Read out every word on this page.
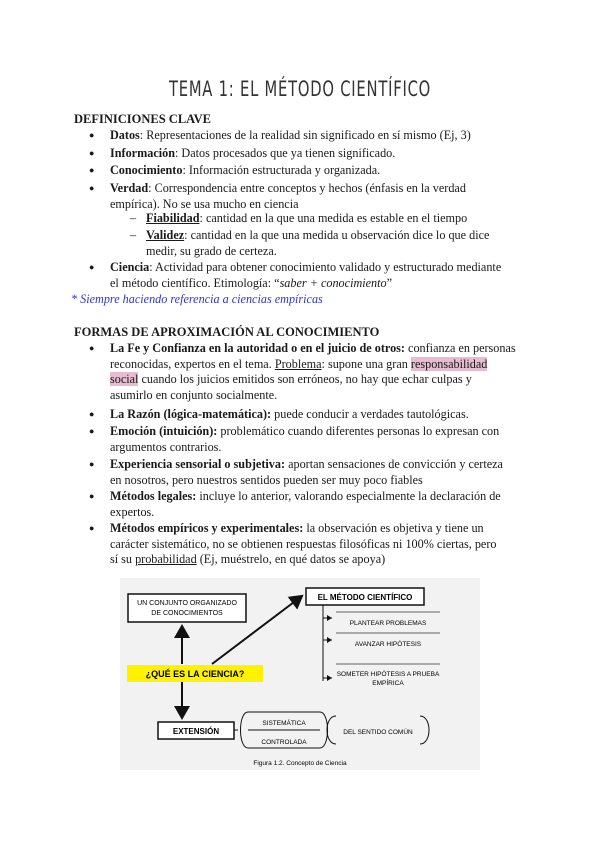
TEMA 1: EL MÉTODO CIENTÍFICO
DEFINICIONES CLAVE
● Datos: Representaciones de la realidad sin significado en sí mismo (Ej, 3)
● Información: Datos procesados que ya tienen significado.
● Conocimiento: Información estructurada y organizada.
● Verdad: Correspondencia entre conceptos y hechos (énfasis en la verdad
empírica). No se usa mucho en ciencia
– Fiabilidad: cantidad en la que una medida es estable en el tiempo
– Validez: cantidad en la que una medida u observación dice lo que dice
medir, su grado de certeza.
● Ciencia: Actividad para obtener conocimiento validado y estructurado mediante
el método científico. Etimología: “saber + conocimiento”
* Siempre haciendo referencia a ciencias empíricas
FORMAS DE APROXIMACIÓN AL CONOCIMIENTO
● La Fe y Confianza en la autoridad o en el juicio de otros: confianza en personas
reconocidas, expertos en el tema. Problema: supone una gran responsabilidad
social cuando los juicios emitidos son erróneos, no hay que echar culpas y
asumirlo en conjunto socialmente.
● La Razón (lógica-matemática): puede conducir a verdades tautológicas.
● Emoción (intuición): problemático cuando diferentes personas lo expresan con
argumentos contrarios.
● Experiencia sensorial o subjetiva: aportan sensaciones de convicción y certeza
en nosotros, pero nuestros sentidos pueden ser muy poco fiables
● Métodos legales: incluye lo anterior, valorando especialmente la declaración de
expertos.
● Métodos empíricos y experimentales: la observación es objetiva y tiene un
carácter sistemático, no se obtienen respuestas filosóficas ni 100% ciertas, pero
sí su probabilidad (Ej, muéstrelo, en qué datos se apoya)
UN CONJUNTO ORGANIZADO
DE CONOCIMIENTOS
EL MÉTODO CIENTÍFICO
PLANTEAR PROBLEMAS
AVANZAR HIPÓTESIS
SOMETER HIPÓTESIS A PRUEBA
EMPÍRICA
¿QUÉ ES LA CIENCIA?
EXTENSIÓN
SISTEMÁTICA
CONTROLADA
DEL SENTIDO COMÚN
Figura 1.2. Concepto de Ciencia
